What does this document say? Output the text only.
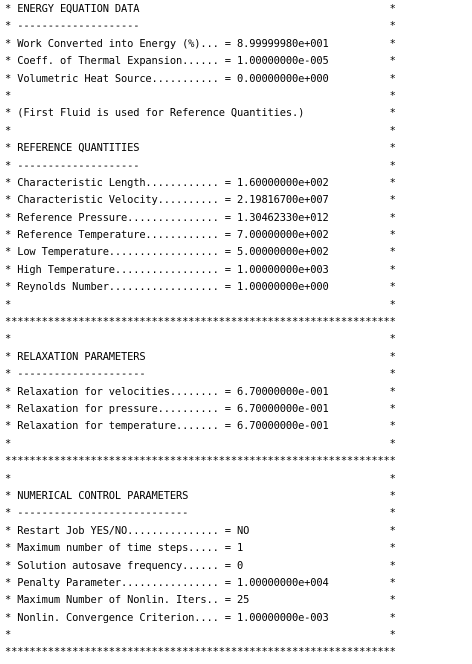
* ENERGY EQUATION DATA                                         *
* --------------------                                         *
* Work Converted into Energy (%)... = 8.99999980e+001          *
* Coeff. of Thermal Expansion...... = 1.00000000e-005          *
* Volumetric Heat Source........... = 0.00000000e+000          *
*                                                              *
* (First Fluid is used for Reference Quantities.)              *
*                                                              *
* REFERENCE QUANTITIES                                         *
* --------------------                                         *
* Characteristic Length............ = 1.60000000e+002          *
* Characteristic Velocity.......... = 2.19816700e+007          *
* Reference Pressure............... = 1.30462330e+012          *
* Reference Temperature............ = 7.00000000e+002          *
* Low Temperature.................. = 5.00000000e+002          *
* High Temperature................. = 1.00000000e+003          *
* Reynolds Number.................. = 1.00000000e+000          *
*                                                              *
****************************************************************
*                                                              *
* RELAXATION PARAMETERS                                        *
* ---------------------                                        *
* Relaxation for velocities........ = 6.70000000e-001          *
* Relaxation for pressure.......... = 6.70000000e-001          *
* Relaxation for temperature....... = 6.70000000e-001          *
*                                                              *
****************************************************************
*                                                              *
* NUMERICAL CONTROL PARAMETERS                                 *
* ----------------------------                                 *
* Restart Job YES/NO............... = NO                       *
* Maximum number of time steps..... = 1                        *
* Solution autosave frequency...... = 0                        *
* Penalty Parameter................ = 1.00000000e+004          *
* Maximum Number of Nonlin. Iters.. = 25                       *
* Nonlin. Convergence Criterion.... = 1.00000000e-003          *
*                                                              *
****************************************************************
